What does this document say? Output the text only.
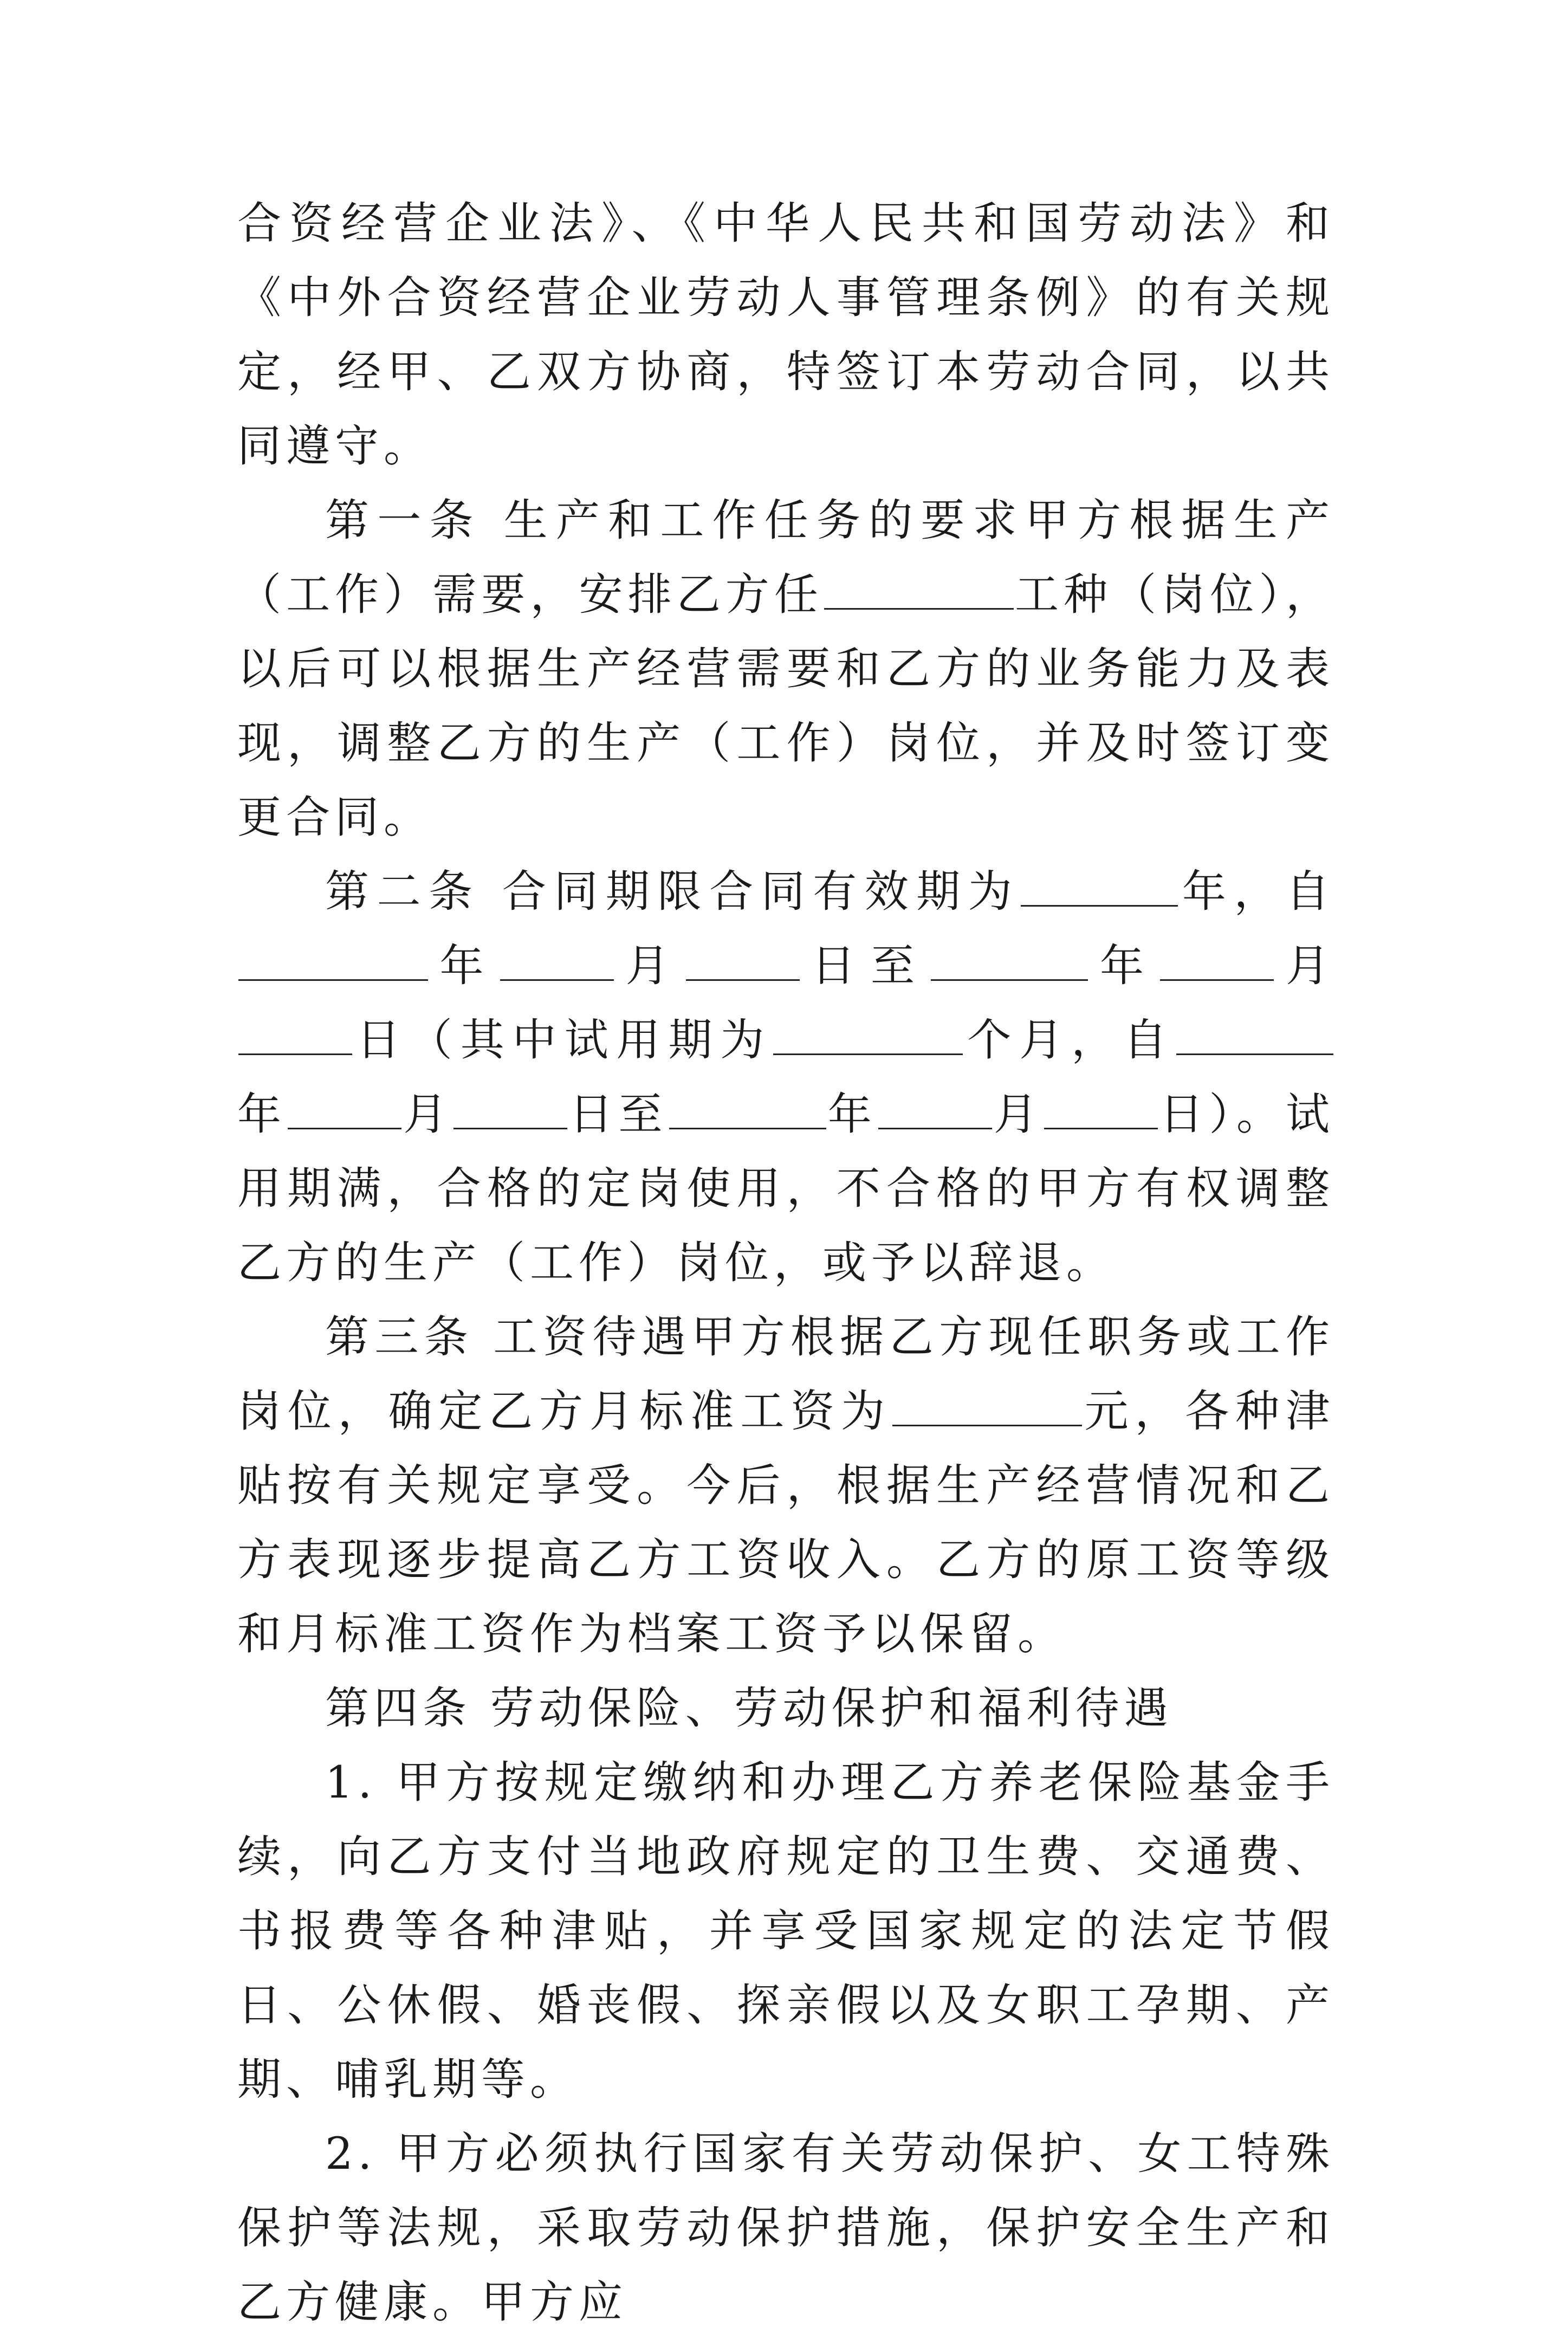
合资经营企业法》、《中华人民共和国劳动法》和《中外合资经营企业劳动人事管理条例》的有关规定，经甲、乙双方协商，特签订本劳动合同，以共同遵守。

第一条 生产和工作任务的要求甲方根据生产（工作）需要，安排乙方任	工种（岗位），以后可以根据生产经营需要和乙方的业务能力及表现，调整乙方的生产（工作）岗位，并及时签订变更合同。

第二条 合同期限合同有效期为	年，自年	月	日至	年	月日（其中试用期为	个月，自年	月	日至	年	月	日）。试用期满，合格的定岗使用，不合格的甲方有权调整乙方的生产（工作）岗位，或予以辞退。

第三条 工资待遇甲方根据乙方现任职务或工作岗位，确定乙方月标准工资为	元，各种津贴按有关规定享受。今后，根据生产经营情况和乙方表现逐步提高乙方工资收入。乙方的原工资等级和月标准工资作为档案工资予以保留。

第四条 劳动保险、劳动保护和福利待遇

1. 甲方按规定缴纳和办理乙方养老保险基金手续，向乙方支付当地政府规定的卫生费、交通费、书报费等各种津贴，并享受国家规定的法定节假日、公休假、婚丧假、探亲假以及女职工孕期、产期、哺乳期等。

2. 甲方必须执行国家有关劳动保护、女工特殊保护等法规，采取劳动保护措施，保护安全生产和乙方健康。甲方应
